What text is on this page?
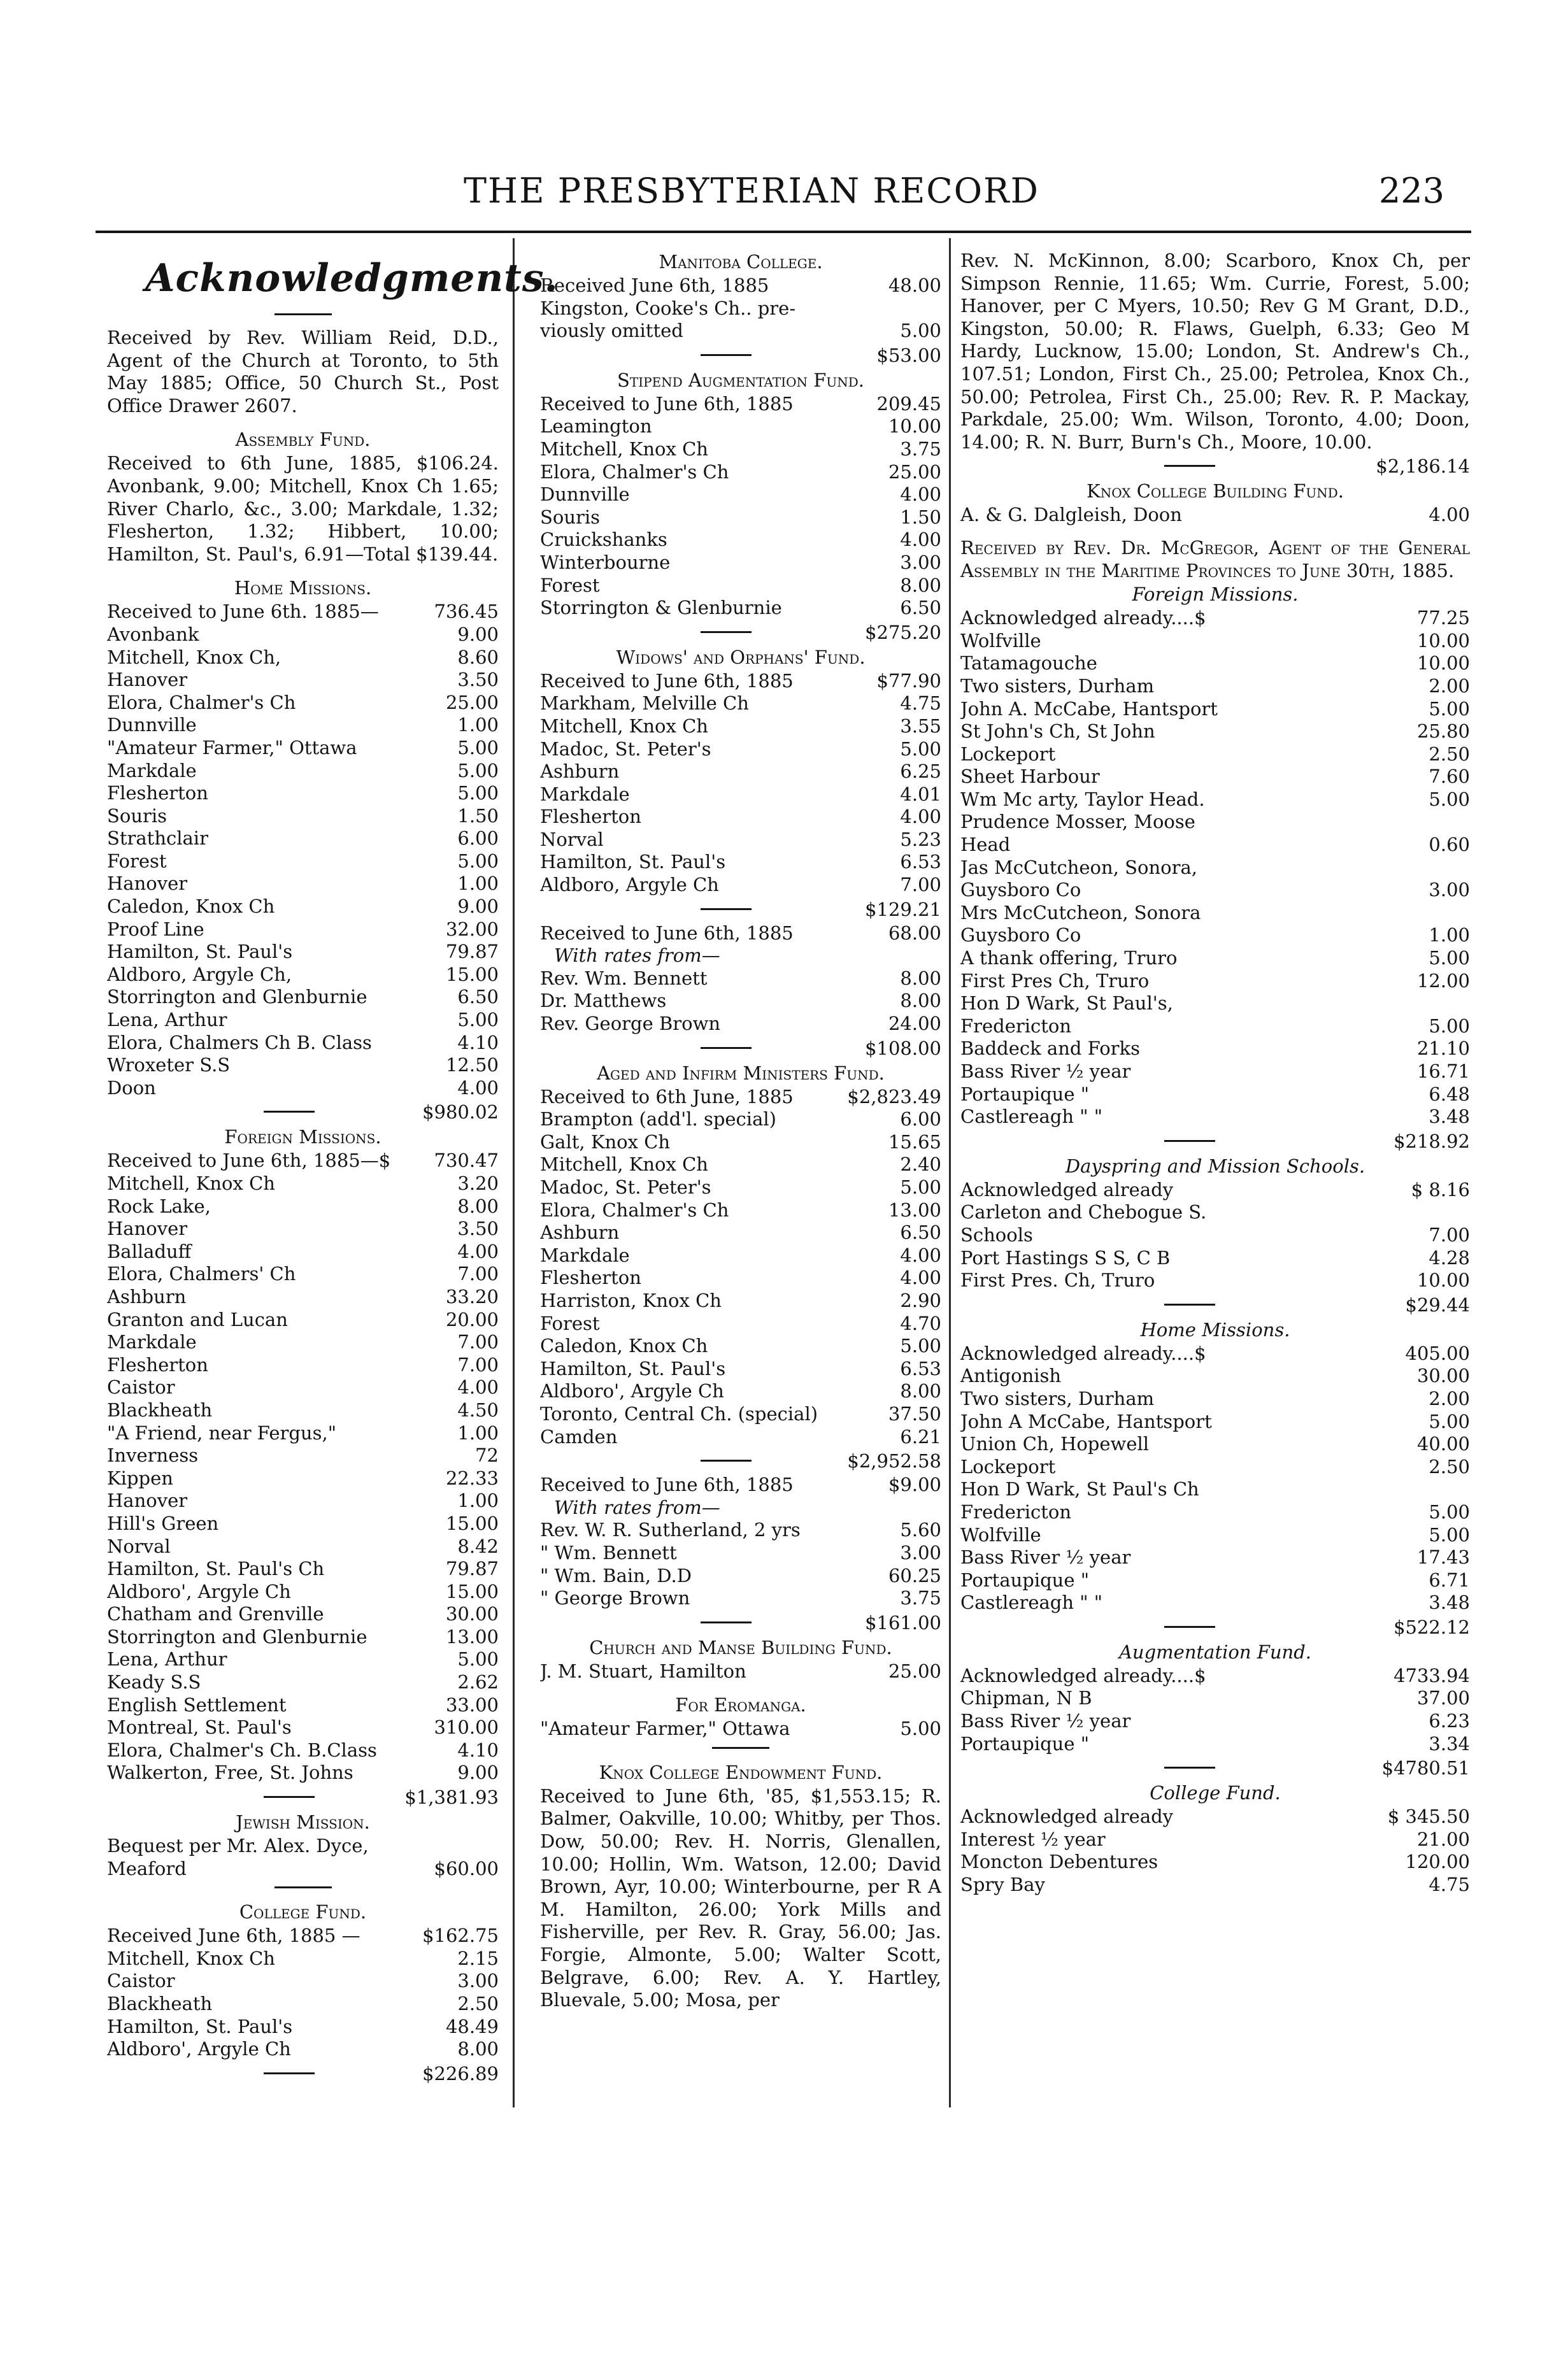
THE PRESBYTERIAN RECORD	223
Acknowledgments.
Received by Rev. William Reid, D.D., Agent of the Church at Toronto, to 5th May 1885; Office, 50 Church St., Post Office Drawer 2607.
Assembly Fund.
Received to 6th June, 1885, $106.24. Avonbank, 9.00; Mitchell, Knox Ch 1.65; River Charlo, &c., 3.00; Markdale, 1.32; Flesherton, 1.32; Hibbert, 10.00; Hamilton, St. Paul's, 6.91—Total $139.44.
Home Missions.
Received to June 6th. 1885—	736.45
Avonbank	9.00
Mitchell, Knox Ch,	8.60
Hanover	3.50
Elora, Chalmer's Ch	25.00
Dunnville	1.00
"Amateur Farmer," Ottawa	5.00
Markdale	5.00
Flesherton	5.00
Souris	1.50
Strathclair	6.00
Forest	5.00
Hanover	1.00
Caledon, Knox Ch	9.00
Proof Line	32.00
Hamilton, St. Paul's	79.87
Aldboro, Argyle Ch,	15.00
Storrington and Glenburnie	6.50
Lena, Arthur	5.00
Elora, Chalmers Ch B. Class	4.10
Wroxeter S.S	12.50
Doon	4.00
$980.02
Foreign Missions.
Received to June 6th, 1885—$ 730.47
Mitchell, Knox Ch	3.20
Rock Lake,	8.00
Hanover	3.50
Balladuff	4.00
Elora, Chalmers' Ch	7.00
Ashburn	33.20
Granton and Lucan	20.00
Markdale	7.00
Flesherton	7.00
Caistor	4.00
Blackheath	4.50
"A Friend, near Fergus,"	1.00
Inverness	72
Kippen	22.33
Hanover	1.00
Hill's Green	15.00
Norval	8.42
Hamilton, St. Paul's Ch	79.87
Aldboro', Argyle Ch	15.00
Chatham and Grenville	30.00
Storrington and Glenburnie	13.00
Lena, Arthur	5.00
Keady S.S	2.62
English Settlement	33.00
Montreal, St. Paul's	310.00
Elora, Chalmer's Ch. B.Class	4.10
Walkerton, Free, St. Johns	9.00
$1,381.93
Jewish Mission.
Bequest per Mr. Alex. Dyce,
Meaford	$60.00
College Fund.
Received June 6th, 1885 —	$162.75
Mitchell, Knox Ch	2.15
Caistor	3.00
Blackheath	2.50
Hamilton, St. Paul's	48.49
Aldboro', Argyle Ch	8.00
$226.89
Manitoba College.
Received June 6th, 1885	48.00
Kingston, Cooke's Ch.. pre-
viously omitted	5.00
$53.00
Stipend Augmentation Fund.
Received to June 6th, 1885	209.45
Leamington	10.00
Mitchell, Knox Ch	3.75
Elora, Chalmer's Ch	25.00
Dunnville	4.00
Souris	1.50
Cruickshanks	4.00
Winterbourne	3.00
Forest	8.00
Storrington & Glenburnie	6.50
$275.20
Widows' and Orphans' Fund.
Received to June 6th, 1885	$77.90
Markham, Melville Ch	4.75
Mitchell, Knox Ch	3.55
Madoc, St. Peter's	5.00
Ashburn	6.25
Markdale	4.01
Flesherton	4.00
Norval	5.23
Hamilton, St. Paul's	6.53
Aldboro, Argyle Ch	7.00
$129.21
Received to June 6th, 1885	68.00
With rates from—
Rev. Wm. Bennett	8.00
Dr. Matthews	8.00
Rev. George Brown	24.00
$108.00
Aged and Infirm Ministers Fund.
Received to 6th June, 1885	$2,823.49
Brampton (add'l. special)	6.00
Galt, Knox Ch	15.65
Mitchell, Knox Ch	2.40
Madoc, St. Peter's	5.00
Elora, Chalmer's Ch	13.00
Ashburn	6.50
Markdale	4.00
Flesherton	4.00
Harriston, Knox Ch	2.90
Forest	4.70
Caledon, Knox Ch	5.00
Hamilton, St. Paul's	6.53
Aldboro', Argyle Ch	8.00
Toronto, Central Ch. (special)	37.50
Camden	6.21
$2,952.58
Received to June 6th, 1885	$9.00
With rates from—
Rev. W. R. Sutherland, 2 yrs	5.60
" Wm. Bennett	3.00
" Wm. Bain, D.D	60.25
" George Brown	3.75
$161.00
Church and Manse Building Fund.
J. M. Stuart, Hamilton	25.00
For Eromanga.
"Amateur Farmer," Ottawa	5.00
Knox College Endowment Fund.
Received to June 6th, '85, $1,553.15; R. Balmer, Oakville, 10.00; Whitby, per Thos. Dow, 50.00; Rev. H. Norris, Glenallen, 10.00; Hollin, Wm. Watson, 12.00; David Brown, Ayr, 10.00; Winterbourne, per R A M. Hamilton, 26.00; York Mills and Fisherville, per Rev. R. Gray, 56.00; Jas. Forgie, Almonte, 5.00; Walter Scott, Belgrave, 6.00; Rev. A. Y. Hartley, Bluevale, 5.00; Mosa, per
Rev. N. McKinnon, 8.00; Scarboro, Knox Ch, per Simpson Rennie, 11.65; Wm. Currie, Forest, 5.00; Hanover, per C Myers, 10.50; Rev G M Grant, D.D., Kingston, 50.00; R. Flaws, Guelph, 6.33; Geo M Hardy, Lucknow, 15.00; London, St. Andrew's Ch., 107.51; London, First Ch., 25.00; Petrolea, Knox Ch., 50.00; Petrolea, First Ch., 25.00; Rev. R. P. Mackay, Parkdale, 25.00; Wm. Wilson, Toronto, 4.00; Doon, 14.00; R. N. Burr, Burn's Ch., Moore, 10.00.
$2,186.14
Knox College Building Fund.
A. & G. Dalgleish, Doon	4.00
Received by Rev. Dr. McGregor, Agent of the General Assembly in the Maritime Provinces to June 30th, 1885.
Foreign Missions.
Acknowledged already....$	77.25
Wolfville	10.00
Tatamagouche	10.00
Two sisters, Durham	2.00
John A. McCabe, Hantsport	5.00
St John's Ch, St John	25.80
Lockeport	2.50
Sheet Harbour	7.60
Wm Mc arty, Taylor Head.	5.00
Prudence Mosser, Moose
Head	0.60
Jas McCutcheon, Sonora,
Guysboro Co	3.00
Mrs McCutcheon, Sonora
Guysboro Co	1.00
A thank offering, Truro	5.00
First Pres Ch, Truro	12.00
Hon D Wark, St Paul's,
Fredericton	5.00
Baddeck and Forks	21.10
Bass River ½ year	16.71
Portaupique "	6.48
Castlereagh " "	3.48
$218.92
Dayspring and Mission Schools.
Acknowledged already	$ 8.16
Carleton and Chebogue S.
Schools	7.00
Port Hastings S S, C B	4.28
First Pres. Ch, Truro	10.00
$29.44
Home Missions.
Acknowledged already....$	405.00
Antigonish	30.00
Two sisters, Durham	2.00
John A McCabe, Hantsport	5.00
Union Ch, Hopewell	40.00
Lockeport	2.50
Hon D Wark, St Paul's Ch
Fredericton	5.00
Wolfville	5.00
Bass River ½ year	17.43
Portaupique "	6.71
Castlereagh " "	3.48
$522.12
Augmentation Fund.
Acknowledged already....$	4733.94
Chipman, N B	37.00
Bass River ½ year	6.23
Portaupique "	3.34
$4780.51
College Fund.
Acknowledged already	$ 345.50
Interest ½ year	21.00
Moncton Debentures	120.00
Spry Bay	4.75
